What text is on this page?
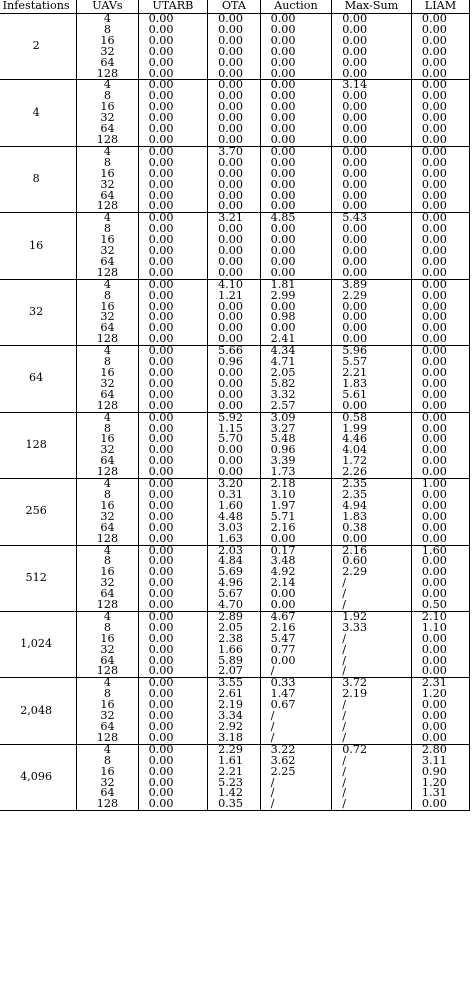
Infestations	UAVs	UTARB	OTA	Auction	Max-Sum	LIAM
2	4	0.00	0.00	0.00	0.00	0.00
	8	0.00	0.00	0.00	0.00	0.00
	16	0.00	0.00	0.00	0.00	0.00
	32	0.00	0.00	0.00	0.00	0.00
	64	0.00	0.00	0.00	0.00	0.00
	128	0.00	0.00	0.00	0.00	0.00
4	4	0.00	0.00	0.00	3.14	0.00
	8	0.00	0.00	0.00	0.00	0.00
	16	0.00	0.00	0.00	0.00	0.00
	32	0.00	0.00	0.00	0.00	0.00
	64	0.00	0.00	0.00	0.00	0.00
	128	0.00	0.00	0.00	0.00	0.00
8	4	0.00	3.70	0.00	0.00	0.00
	8	0.00	0.00	0.00	0.00	0.00
	16	0.00	0.00	0.00	0.00	0.00
	32	0.00	0.00	0.00	0.00	0.00
	64	0.00	0.00	0.00	0.00	0.00
	128	0.00	0.00	0.00	0.00	0.00
16	4	0.00	3.21	4.85	5.43	0.00
	8	0.00	0.00	0.00	0.00	0.00
	16	0.00	0.00	0.00	0.00	0.00
	32	0.00	0.00	0.00	0.00	0.00
	64	0.00	0.00	0.00	0.00	0.00
	128	0.00	0.00	0.00	0.00	0.00
32	4	0.00	4.10	1.81	3.89	0.00
	8	0.00	1.21	2.99	2.29	0.00
	16	0.00	0.00	0.00	0.00	0.00
	32	0.00	0.00	0.98	0.00	0.00
	64	0.00	0.00	0.00	0.00	0.00
	128	0.00	0.00	2.41	0.00	0.00
64	4	0.00	5.66	4.34	5.96	0.00
	8	0.00	0.96	4.71	5.57	0.00
	16	0.00	0.00	2.05	2.21	0.00
	32	0.00	0.00	5.82	1.83	0.00
	64	0.00	0.00	3.32	5.61	0.00
	128	0.00	0.00	2.57	0.00	0.00
128	4	0.00	5.92	3.09	0.58	0.00
	8	0.00	1.15	3.27	1.99	0.00
	16	0.00	5.70	5.48	4.46	0.00
	32	0.00	0.00	0.96	4.04	0.00
	64	0.00	0.00	3.39	1.72	0.00
	128	0.00	0.00	1.73	2.26	0.00
256	4	0.00	3.20	2.18	2.35	1.00
	8	0.00	0.31	3.10	2.35	0.00
	16	0.00	1.60	1.97	4.94	0.00
	32	0.00	4.48	5.71	1.83	0.00
	64	0.00	3.03	2.16	0.38	0.00
	128	0.00	1.63	0.00	0.00	0.00
512	4	0.00	2.03	0.17	2.16	1.60
	8	0.00	4.84	3.48	0.60	0.00
	16	0.00	5.69	4.92	2.29	0.00
	32	0.00	4.96	2.14	/	0.00
	64	0.00	5.67	0.00	/	0.00
	128	0.00	4.70	0.00	/	0.50
1,024	4	0.00	2.89	4.67	1.92	2.10
	8	0.00	2.05	2.16	3.33	1.10
	16	0.00	2.38	5.47	/	0.00
	32	0.00	1.66	0.77	/	0.00
	64	0.00	5.89	0.00	/	0.00
	128	0.00	2.07	/	/	0.00
2,048	4	0.00	3.55	0.33	3.72	2.31
	8	0.00	2.61	1.47	2.19	1.20
	16	0.00	2.19	0.67	/	0.00
	32	0.00	3.34	/	/	0.00
	64	0.00	2.92	/	/	0.00
	128	0.00	3.18	/	/	0.00
4,096	4	0.00	2.29	3.22	0.72	2.80
	8	0.00	1.61	3.62	/	3.11
	16	0.00	2.21	2.25	/	0.90
	32	0.00	5.23	/	/	1.20
	64	0.00	1.42	/	/	1.31
	128	0.00	0.35	/	/	0.00
